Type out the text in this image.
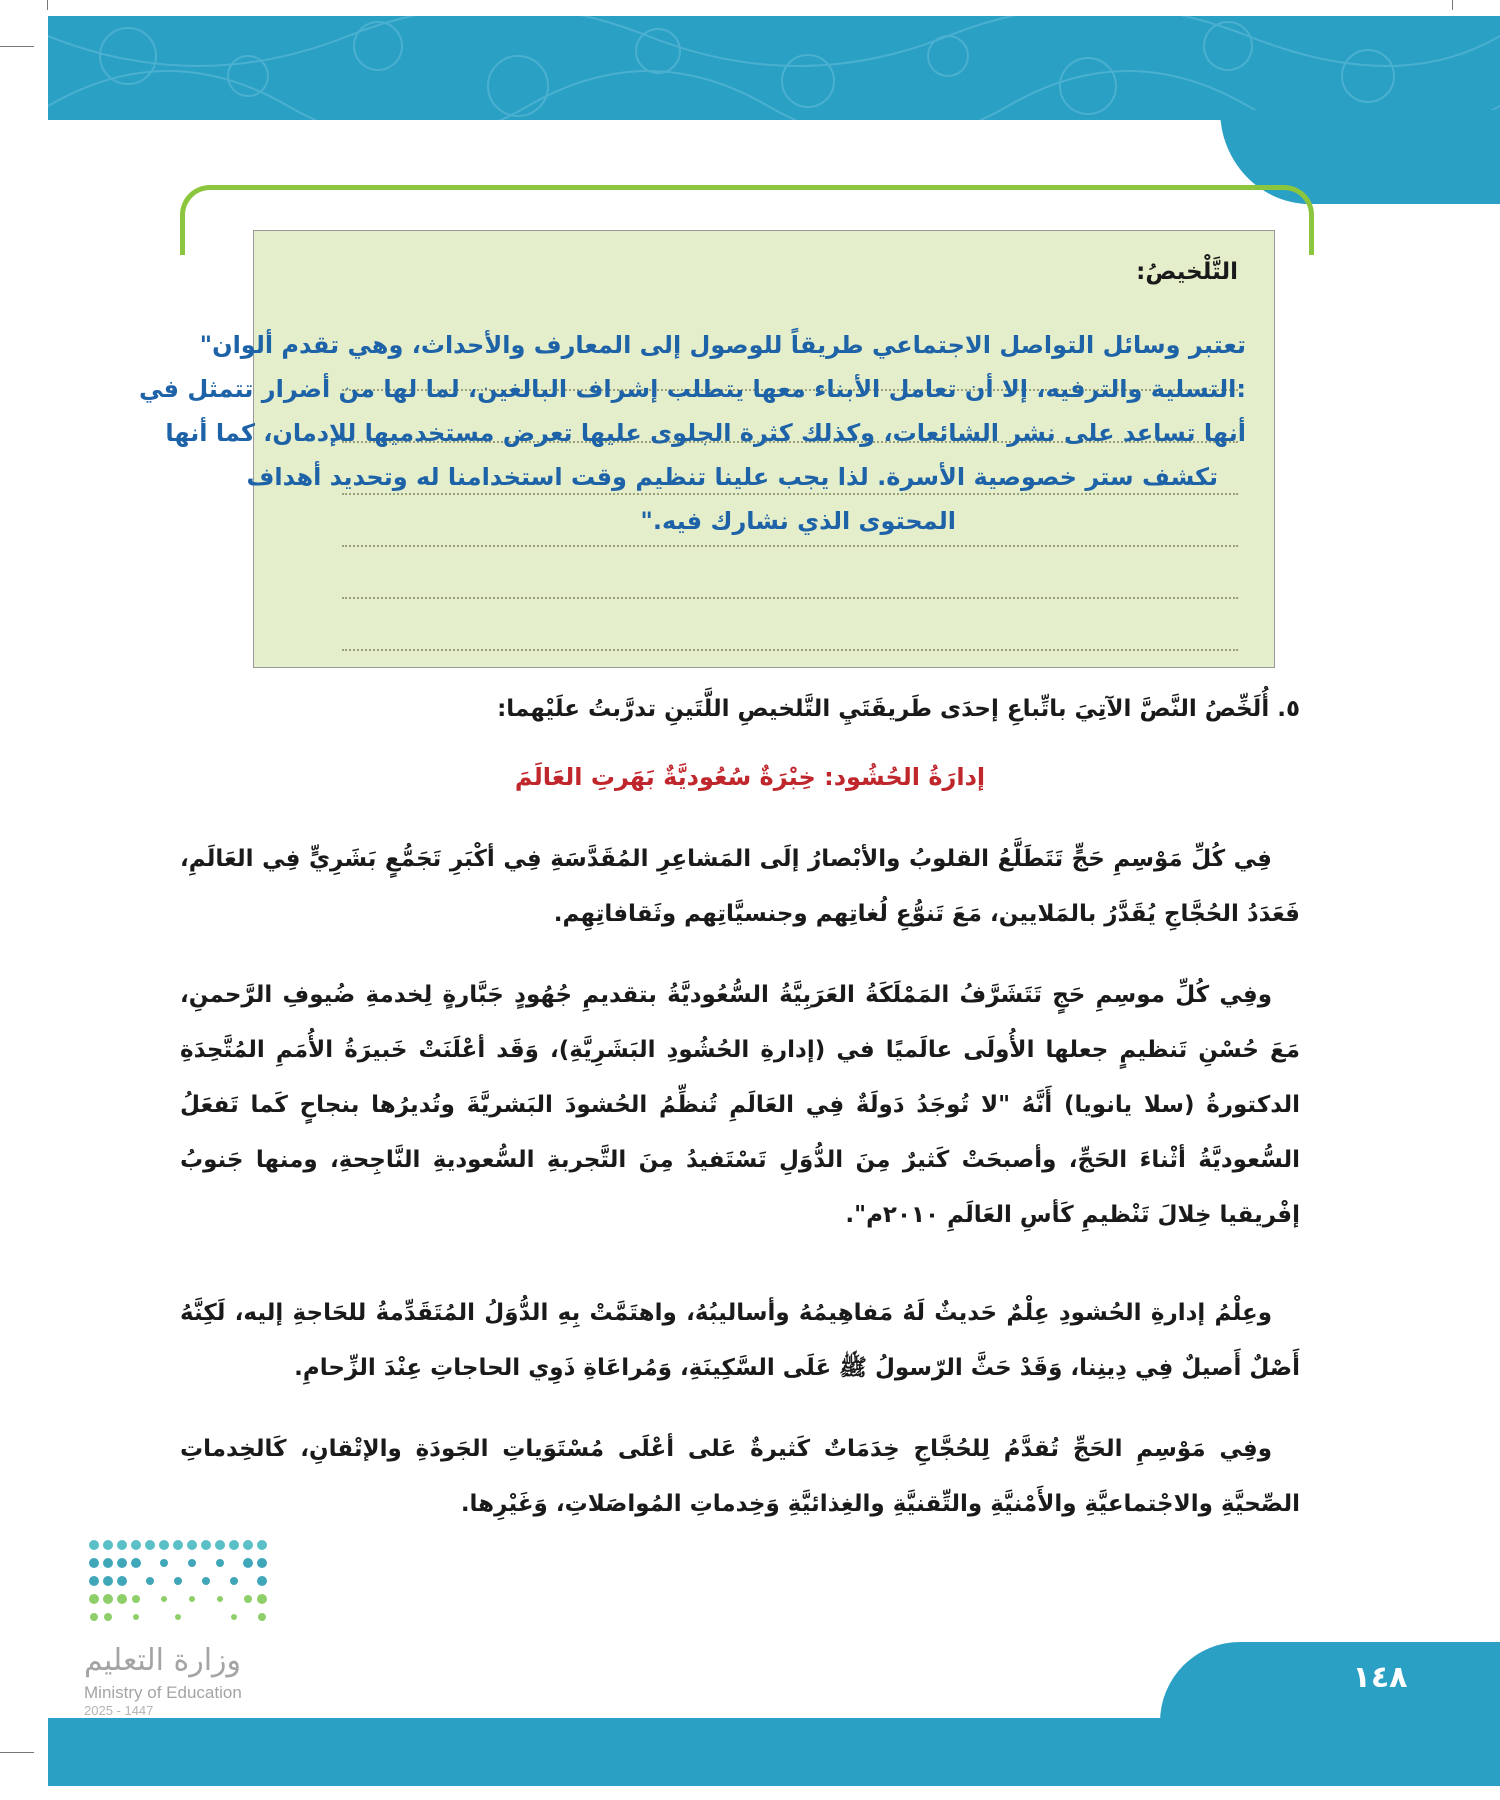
التَّلْخيصُ:
تعتبر وسائل التواصل الاجتماعي طريقاً للوصول إلى المعارف والأحداث، وهي تقدم ألوان"
:التسلية والترفيه، إلا أن تعامل الأبناء معها يتطلب إشراف البالغين، لما لها من أضرار تتمثل في
أنها تساعد على نشر الشائعات، وكذلك كثرة الجلوى عليها تعرض مستخدميها للإدمان، كما أنها
تكشف ستر خصوصية الأسرة. لذا يجب علينا تنظيم وقت استخدامنا له وتحديد أهداف
المحتوى الذي نشارك فيه."
٥. أُلَخِّصُ النَّصَّ الآتِيَ باتِّباعِ إحدَى طَريقَتَيِ التَّلخيصِ اللَّتَينِ تدرَّبتُ علَيْهما:
إدارَةُ الحُشُود: خِبْرَةٌ سُعُوديَّةٌ بَهَرتِ العَالَمَ

فِي كُلِّ مَوْسِمِ حَجٍّ تَتَطَلَّعُ القلوبُ والأبْصارُ إلَى المَشاعِرِ المُقَدَّسَةِ فِي أكْبَرِ تَجَمُّعٍ بَشَرِيٍّ فِي العَالَمِ، فَعَدَدُ الحُجَّاجِ يُقَدَّرُ بالمَلايين، مَعَ تَنوُّعِ لُغاتِهم وجنسيَّاتِهم وثَقافاتِهِم.

وفِي كُلِّ موسِمِ حَجٍ تَتَشَرَّفُ المَمْلَكَةُ العَرَبِيَّةُ السُّعُوديَّةُ بتقديمِ جُهُودٍ جَبَّارةٍ لِخدمةِ ضُيوفِ الرَّحمنِ، مَعَ حُسْنِ تَنظيمٍ جعلها الأُولَى عالَميًا في (إدارةِ الحُشُودِ البَشَرِيَّةِ)، وَقَد أعْلَنَتْ خَبيرَةُ الأُمَمِ المُتَّحِدَةِ الدكتورةُ (سلا يانويا) أَنَّهُ "لا تُوجَدُ دَولَةٌ فِي العَالَمِ تُنظِّمُ الحُشودَ البَشريَّةَ وتُديرُها بنجاحٍ كَما تَفعَلُ السُّعوديَّةُ أثْناءَ الحَجِّ، وأصبحَتْ كَثيرٌ مِنَ الدُّوَلِ تَسْتَفيدُ مِنَ التَّجربةِ السُّعوديةِ النَّاجِحةِ، ومنها جَنوبُ إفْريقيا خِلالَ تَنْظيمِ كَأسِ العَالَمِ ٢٠١٠م".

وعِلْمُ إدارةِ الحُشودِ عِلْمٌ حَديثٌ لَهُ مَفاهِيمُهُ وأساليبُهُ، واهتَمَّتْ بِهِ الدُّوَلُ المُتَقَدِّمةُ للحَاجةِ إليه، لَكِنَّهُ أَصْلٌ أَصيلٌ فِي دِينِنا، وَقَدْ حَثَّ الرّسولُ ﷺ عَلَى السَّكِينَةِ، وَمُراعَاةِ ذَوِي الحاجاتِ عِنْدَ الزِّحامِ.

وفِي مَوْسِمِ الحَجِّ تُقدَّمُ لِلحُجَّاجِ خِدَمَاتٌ كَثيرةٌ عَلى أعْلَى مُسْتَوَياتِ الجَودَةِ والإتْقانِ، كَالخِدماتِ الصِّحيَّةِ والاجْتماعيَّةِ والأَمْنيَّةِ والتِّقنيَّةِ والغِذائيَّةِ وَخِدماتِ المُواصَلاتِ، وَغَيْرِها.

وزارة التعليم
Ministry of Education
2025 - 1447
١٤٨
